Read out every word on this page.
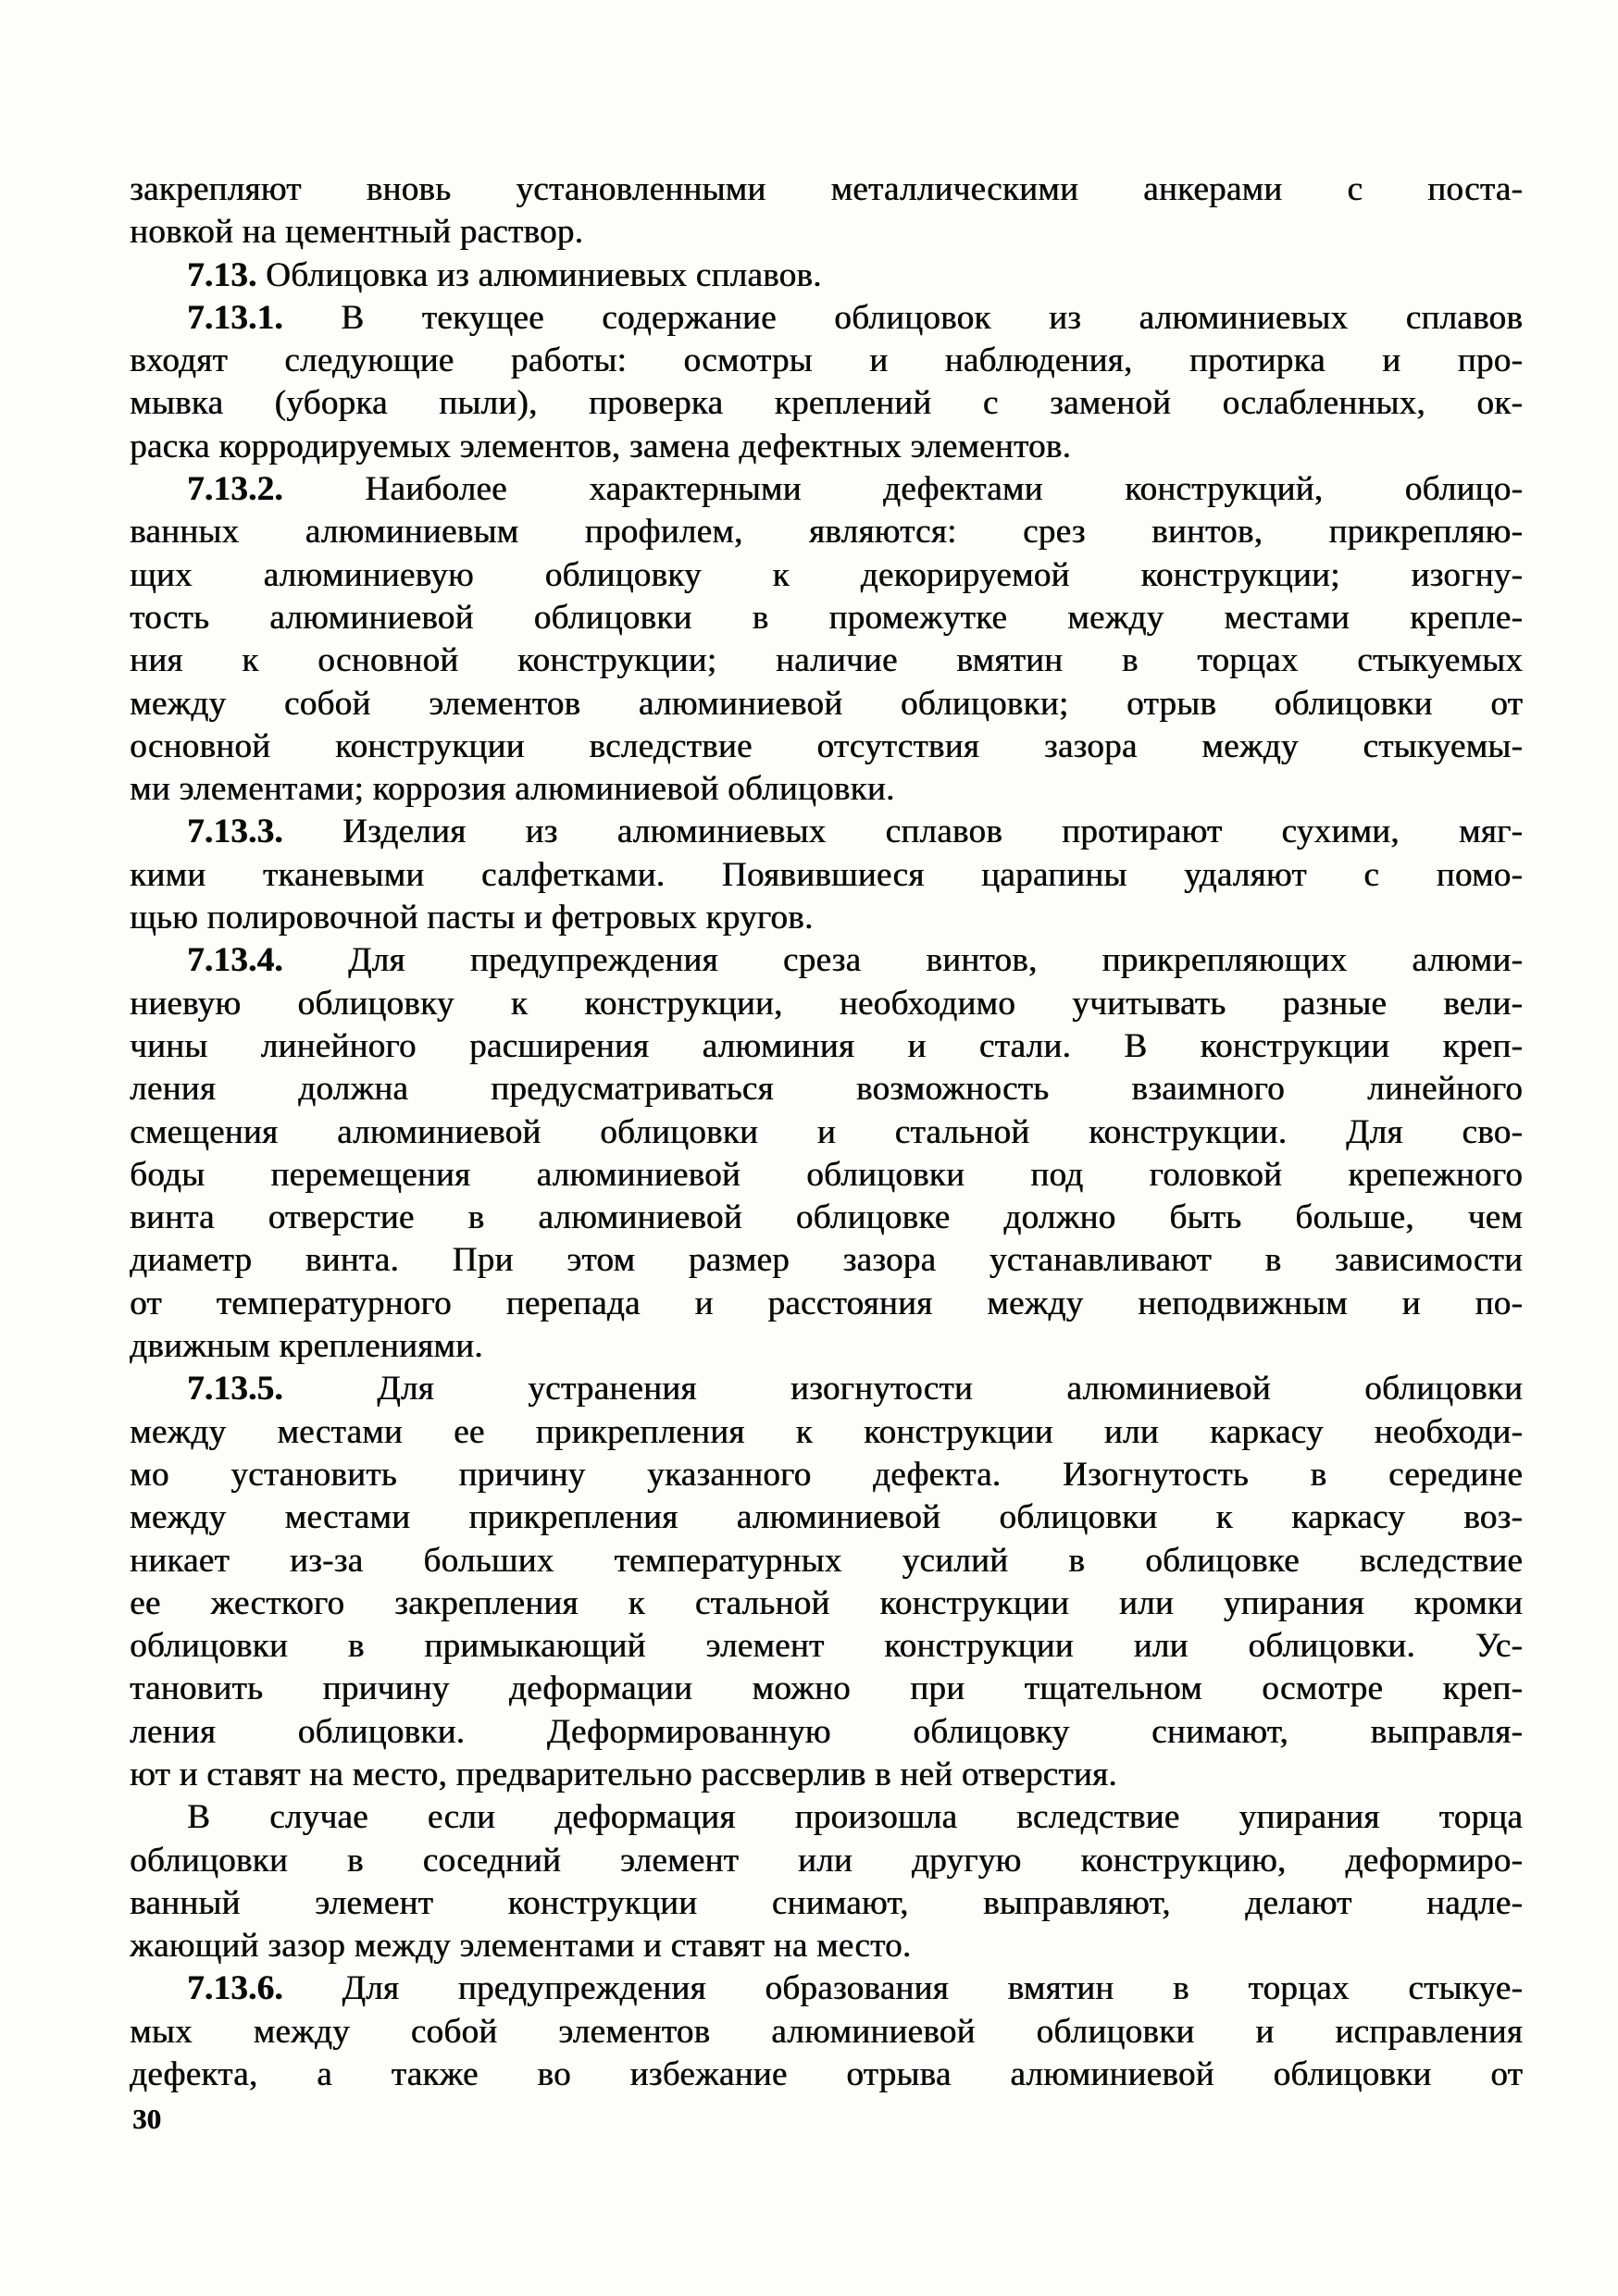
закрепляют вновь установленными металлическими анкерами с поста-
новкой на цементный раствор.
7.13. Облицовка из алюминиевых сплавов.
7.13.1. В текущее содержание облицовок из алюминиевых сплавов
входят следующие работы: осмотры и наблюдения, протирка и про-
мывка (уборка пыли), проверка креплений с заменой ослабленных, ок-
раска корродируемых элементов, замена дефектных элементов.
7.13.2. Наиболее характерными дефектами конструкций, облицо-
ванных алюминиевым профилем, являются: срез винтов, прикрепляю-
щих алюминиевую облицовку к декорируемой конструкции; изогну-
тость алюминиевой облицовки в промежутке между местами крепле-
ния к основной конструкции; наличие вмятин в торцах стыкуемых
между собой элементов алюминиевой облицовки; отрыв облицовки от
основной конструкции вследствие отсутствия зазора между стыкуемы-
ми элементами; коррозия алюминиевой облицовки.
7.13.3. Изделия из алюминиевых сплавов протирают сухими, мяг-
кими тканевыми салфетками. Появившиеся царапины удаляют с помо-
щью полировочной пасты и фетровых кругов.
7.13.4. Для предупреждения среза винтов, прикрепляющих алюми-
ниевую облицовку к конструкции, необходимо учитывать разные вели-
чины линейного расширения алюминия и стали. В конструкции креп-
ления должна предусматриваться возможность взаимного линейного
смещения алюминиевой облицовки и стальной конструкции. Для сво-
боды перемещения алюминиевой облицовки под головкой крепежного
винта отверстие в алюминиевой облицовке должно быть больше, чем
диаметр винта. При этом размер зазора устанавливают в зависимости
от температурного перепада и расстояния между неподвижным и по-
движным креплениями.
7.13.5. Для устранения изогнутости алюминиевой облицовки
между местами ее прикрепления к конструкции или каркасу необходи-
мо установить причину указанного дефекта. Изогнутость в середине
между местами прикрепления алюминиевой облицовки к каркасу воз-
никает из-за больших температурных усилий в облицовке вследствие
ее жесткого закрепления к стальной конструкции или упирания кромки
облицовки в примыкающий элемент конструкции или облицовки. Ус-
тановить причину деформации можно при тщательном осмотре креп-
ления облицовки. Деформированную облицовку снимают, выправля-
ют и ставят на место, предварительно рассверлив в ней отверстия.
В случае если деформация произошла вследствие упирания торца
облицовки в соседний элемент или другую конструкцию, деформиро-
ванный элемент конструкции снимают, выправляют, делают надле-
жающий зазор между элементами и ставят на место.
7.13.6. Для предупреждения образования вмятин в торцах стыкуе-
мых между собой элементов алюминиевой облицовки и исправления
дефекта, а также во избежание отрыва алюминиевой облицовки от
30
